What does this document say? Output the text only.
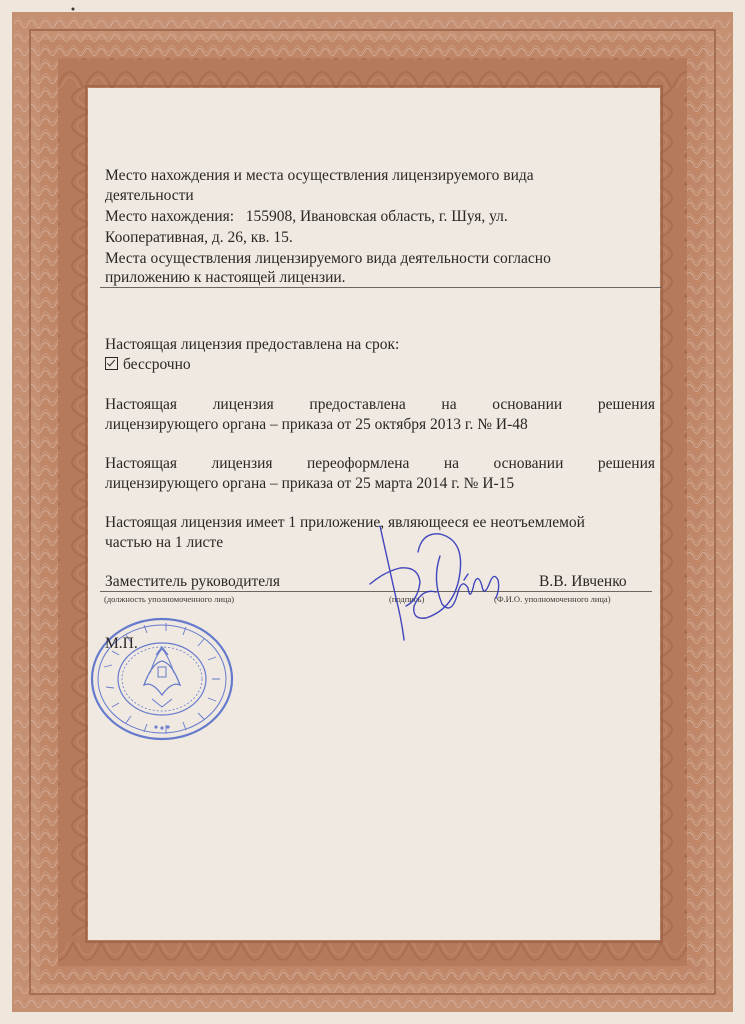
Место нахождения и места осуществления лицензируемого вида
деятельности
Место нахождения:   155908, Ивановская область, г. Шуя, ул.
Кооперативная, д. 26, кв. 15.
Места осуществления лицензируемого вида деятельности согласно
приложению к настоящей лицензии.
Настоящая лицензия предоставлена на срок:
бессрочно
Настоящая лицензия предоставлена на основании решения
лицензирующего органа – приказа от 25 октября 2013 г. № И-48
Настоящая лицензия переоформлена на основании решения
лицензирующего органа – приказа от 25 марта 2014 г. № И-15
Настоящая лицензия имеет 1 приложение, являющееся ее неотъемлемой
частью на 1 листе
Заместитель руководителя	В.В. Ивченко
(должность уполномоченного лица)	(подпись)	(Ф.И.О. уполномоченного лица)
М.П.
